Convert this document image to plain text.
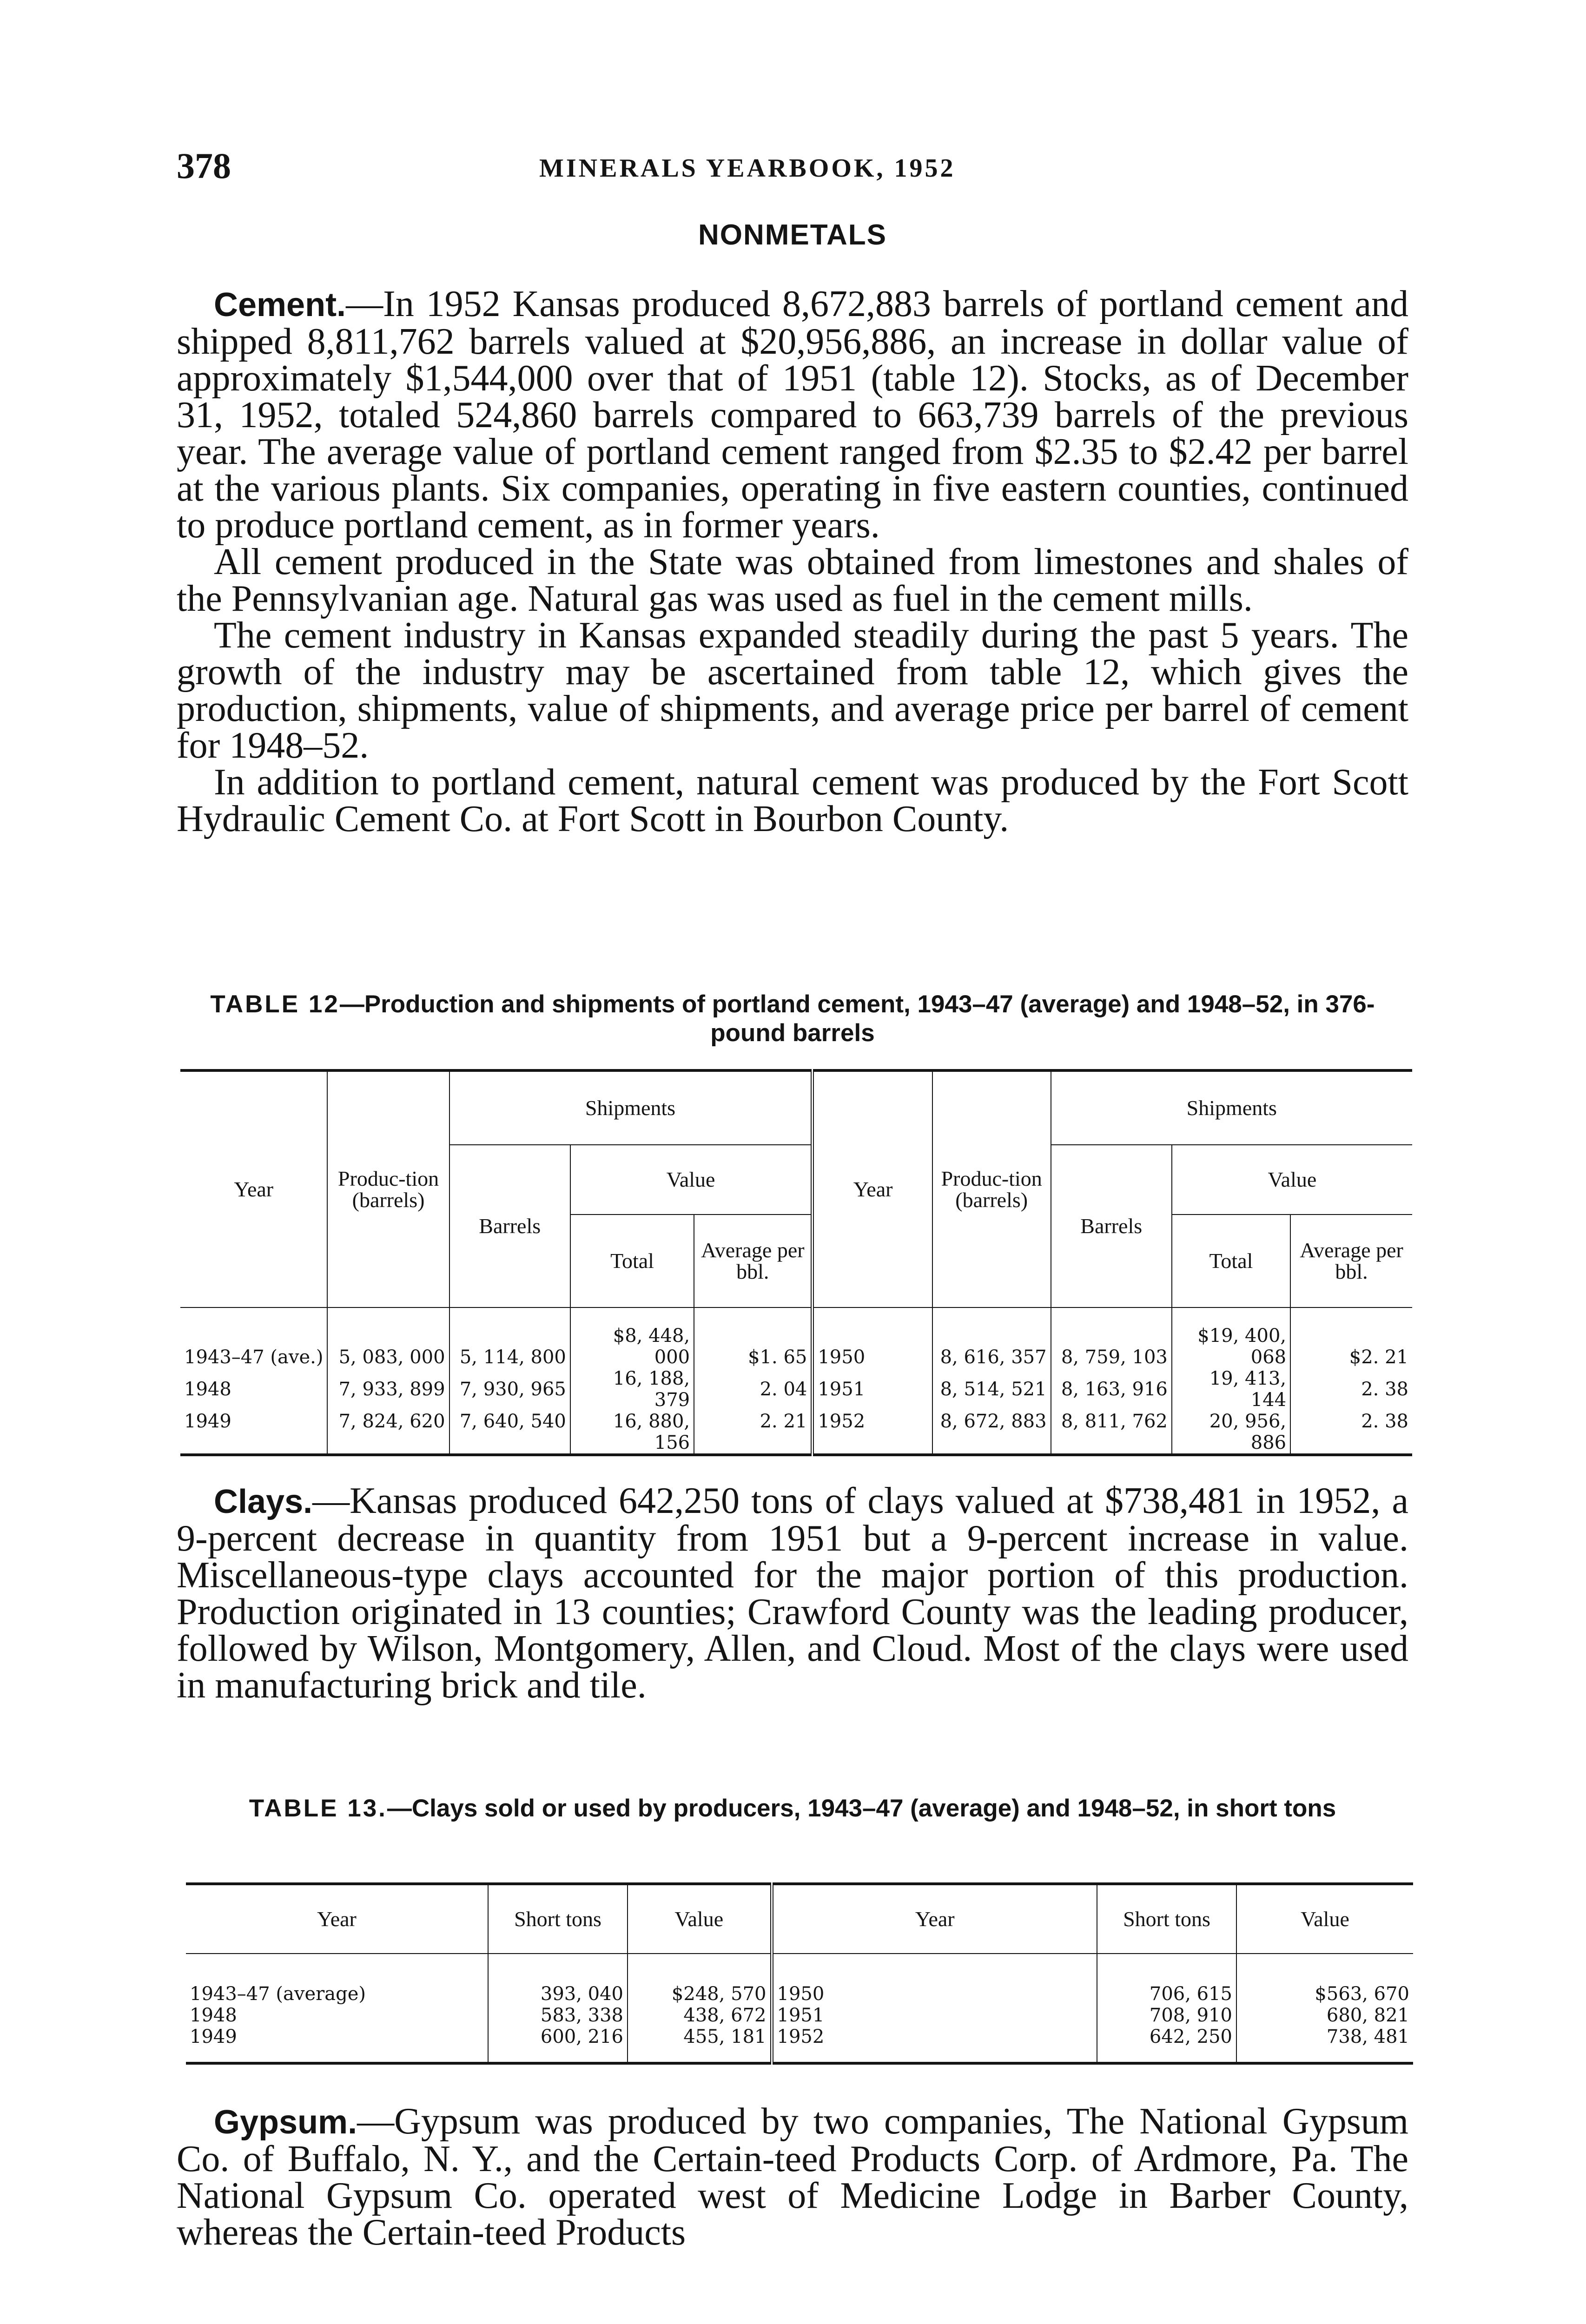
378	MINERALS YEARBOOK, 1952
NONMETALS

Cement.—In 1952 Kansas produced 8,672,883 barrels of portland cement and shipped 8,811,762 barrels valued at $20,956,886, an increase in dollar value of approximately $1,544,000 over that of 1951 (table 12). Stocks, as of December 31, 1952, totaled 524,860 barrels compared to 663,739 barrels of the previous year. The average value of portland cement ranged from $2.35 to $2.42 per barrel at the various plants. Six companies, operating in five eastern counties, continued to produce portland cement, as in former years.

All cement produced in the State was obtained from limestones and shales of the Pennsylvanian age. Natural gas was used as fuel in the cement mills.

The cement industry in Kansas expanded steadily during the past 5 years. The growth of the industry may be ascertained from table 12, which gives the production, shipments, value of shipments, and average price per barrel of cement for 1948–52.

In addition to portland cement, natural cement was produced by the Fort Scott Hydraulic Cement Co. at Fort Scott in Bourbon County.

TABLE 12—Production and shipments of portland cement, 1943–47 (average) and 1948–52, in 376-pound barrels
Year	Produc-tion (barrels)	Shipments			Year	Produc-tion (barrels)	Shipments		
		Barrels	Value				Barrels	Value	
			Total	Average per bbl.				Total	Average per bbl.
1943–47 (ave.)	5, 083, 000	5, 114, 800	$8, 448, 000	$1. 65	1950	8, 616, 357	8, 759, 103	$19, 400, 068	$2. 21
1948	7, 933, 899	7, 930, 965	16, 188, 379	2. 04	1951	8, 514, 521	8, 163, 916	19, 413, 144	2. 38
1949	7, 824, 620	7, 640, 540	16, 880, 156	2. 21	1952	8, 672, 883	8, 811, 762	20, 956, 886	2. 38

Clays.—Kansas produced 642,250 tons of clays valued at $738,481 in 1952, a 9-percent decrease in quantity from 1951 but a 9-percent increase in value. Miscellaneous-type clays accounted for the major portion of this production. Production originated in 13 counties; Crawford County was the leading producer, followed by Wilson, Montgomery, Allen, and Cloud. Most of the clays were used in manufacturing brick and tile.

TABLE 13.—Clays sold or used by producers, 1943–47 (average) and 1948–52, in short tons
Year	Short tons	Value	Year	Short tons	Value
1943–47 (average)	393, 040	$248, 570	1950	706, 615	$563, 670
1948	583, 338	438, 672	1951	708, 910	680, 821
1949	600, 216	455, 181	1952	642, 250	738, 481

Gypsum.—Gypsum was produced by two companies, The National Gypsum Co. of Buffalo, N. Y., and the Certain-teed Products Corp. of Ardmore, Pa. The National Gypsum Co. operated west of Medicine Lodge in Barber County, whereas the Certain-teed Products
